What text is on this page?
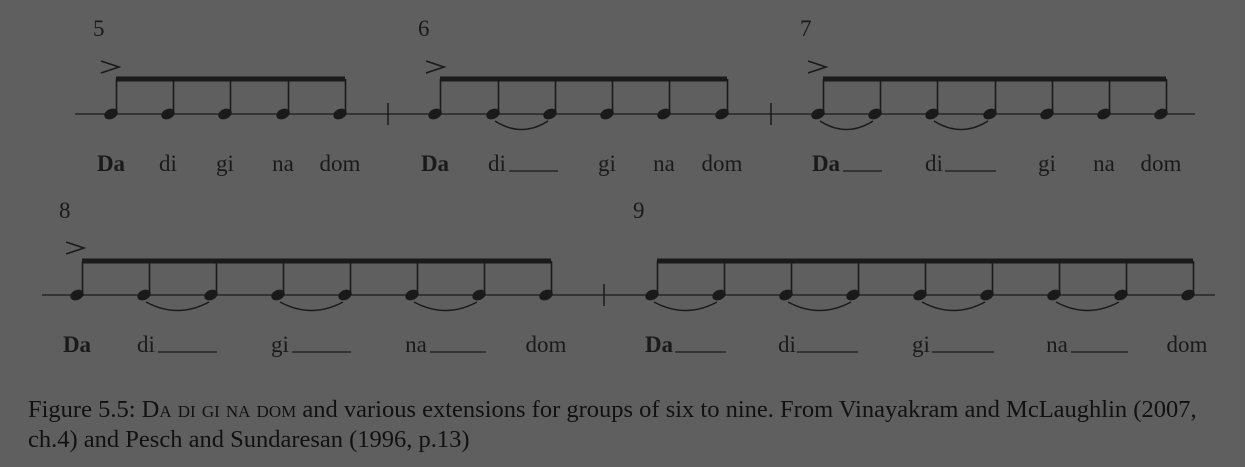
5	6	7
8	9
Da di gi na dom	Da di	gi na dom	Da	di	gi na dom
Da di	gi	na	dom	Da	di	gi	na	dom

Figure 5.5: Da di gi na dom and various extensions for groups of six to nine. From Vinayakram and McLaughlin (2007, ch.4) and Pesch and Sundaresan (1996, p.13)
